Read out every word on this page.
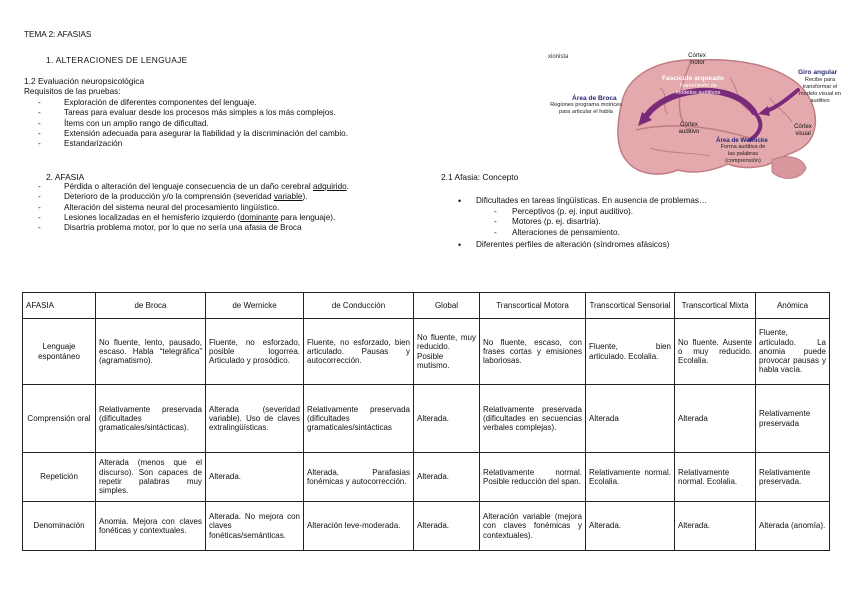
TEMA 2: AFASIAS
1. ALTERACIONES DE LENGUAJE
1.2 Evaluación neuropsicológica
Requisitos de las pruebas:
- Exploración de diferentes componentes del lenguaje.
- Tareas para evaluar desde los procesos más simples a los más complejos.
- Ítems con un amplio rango de dificultad.
- Extensión adecuada para asegurar la fiabilidad y la discriminación del cambio.
- Estandarización
2. AFASIA
- Pérdida o alteración del lenguaje consecuencia de un daño cerebral adquirido.
- Deterioro de la producción y/o la comprensión (severidad variable).
- Alteración del sistema neural del procesamiento lingüístico.
- Lesiones localizadas en el hemisferio izquierdo (dominante para lenguaje).
- Disartria problema motor, por lo que no sería una afasia de Broca
2.1 Afasia: Concepto
• Dificultades en tareas lingüísticas. En ausencia de problemas…
- Perceptivos (p. ej. input auditivo).
- Motores (p. ej. disartria).
- Alteraciones de pensamiento.
• Diferentes perfiles de alteración (síndromes afásicos)
xionista	Córtex motor
Fascículo arqueado
Transmisión de modelos auditivos
Giro angular
Recibe para transformar el modelo visual en auditivo
Área de Broca
Regiones programa motrices para articular el habla
Córtex auditivo
Córtex visual
Área de Wernicke
Forma auditiva de las palabras (comprensión)
AFASIA	de Broca	de Wernicke	de Conducción	Global	Transcortical Motora	Transcortical Sensorial	Transcortical Mixta	Anómica
Lenguaje espontáneo	No fluente, lento, pausado, escaso. Habla “telegráfica” (agramatismo).	Fluente, no esforzado, posible logorrea. Articulado y prosódico.	Fluente, no esforzado, bien articulado. Pausas y autocorrección.	No fluente, muy reducido. Posible mutismo.	No fluente, escaso, con frases cortas y emisiones laboriosas.	Fluente, bien articulado. Ecolalia.	No fluente. Ausente o muy reducido. Ecolalia.	Fluente, articulado. La anomia puede provocar pausas y habla vacía.
Comprensión oral	Relativamente preservada (dificultades gramaticales/sintácticas).	Alterada (severidad variable). Uso de claves extralingüísticas.	Relativamente preservada (dificultades gramaticales/sintácticas	Alterada.	Relativamente preservada (dificultades en secuencias verbales complejas).	Alterada	Alterada	Relativamente preservada
Repetición	Alterada (menos que el discurso). Son capaces de repetir palabras muy simples.	Alterada.	Alterada. Parafasias fonémicas y autocorrección.	Alterada.	Relativamente normal. Posible reducción del span.	Relativamente normal. Ecolalia.	Relativamente normal. Ecolalia.	Relativamente preservada.
Denominación	Anomia. Mejora con claves fonéticas y contextuales.	Alterada. No mejora con claves fonéticas/semánticas.	Alteración leve-moderada.	Alterada.	Alteración variable (mejora con claves fonémicas y contextuales).	Alterada.	Alterada.	Alterada (anomía).
